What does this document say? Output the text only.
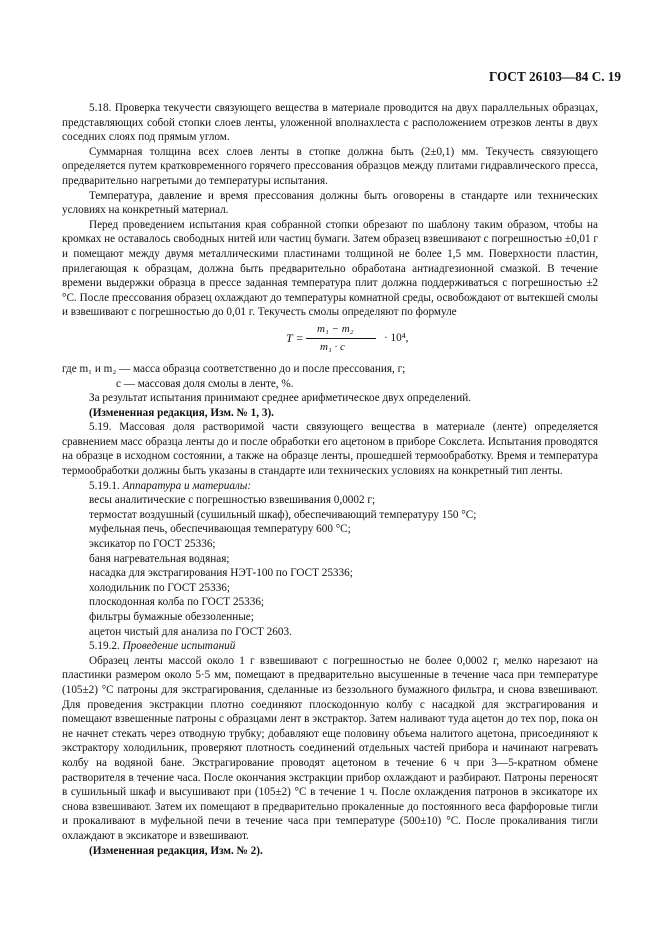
ГОСТ 26103—84 С. 19

5.18. Проверка текучести связующего вещества в материале проводится на двух параллельных образцах, представляющих собой стопки слоев ленты, уложенной вполнахлеста с расположением отрезков ленты в двух соседних слоях под прямым углом.

Суммарная толщина всех слоев ленты в стопке должна быть (2±0,1) мм. Текучесть связующего определяется путем кратковременного горячего прессования образцов между плитами гидравлического пресса, предварительно нагретыми до температуры испытания.

Температура, давление и время прессования должны быть оговорены в стандарте или технических условиях на конкретный материал.

Перед проведением испытания края собранной стопки обрезают по шаблону таким образом, чтобы на кромках не оставалось свободных нитей или частиц бумаги. Затем образец взвешивают с погрешностью ±0,01 г и помещают между двумя металлическими пластинами толщиной не более 1,5 мм. Поверхности пластин, прилегающая к образцам, должна быть предварительно обработана антиадгезионной смазкой. В течение времени выдержки образца в прессе заданная температура плит должна поддерживаться с погрешностью ±2 °С. После прессования образец охлаждают до температуры комнатной среды, освобождают от вытекшей смолы и взвешивают с погрешностью до 0,01 г. Текучесть смолы определяют по формуле

T =
m₁ − m₂
m₁ · c
· 10⁴,

где m₁ и m₂ — масса образца соответственно до и после прессования, г;

c — массовая доля смолы в ленте, %.

За результат испытания принимают среднее арифметическое двух определений.

(Измененная редакция, Изм. № 1, 3).

5.19. Массовая доля растворимой части связующего вещества в материале (ленте) определяется сравнением масс образца ленты до и после обработки его ацетоном в приборе Сокслета. Испытания проводятся на образце в исходном состоянии, а также на образце ленты, прошедшей термообработку. Время и температура термообработки должны быть указаны в стандарте или технических условиях на конкретный тип ленты.

5.19.1. Аппаратура и материалы:

весы аналитические с погрешностью взвешивания 0,0002 г;

термостат воздушный (сушильный шкаф), обеспечивающий температуру 150 °С;

муфельная печь, обеспечивающая температуру 600 °С;

эксикатор по ГОСТ 25336;

баня нагревательная водяная;

насадка для экстрагирования НЭТ-100 по ГОСТ 25336;

холодильник по ГОСТ 25336;

плоскодонная колба по ГОСТ 25336;

фильтры бумажные обеззоленные;

ацетон чистый для анализа по ГОСТ 2603.

5.19.2. Проведение испытаний

Образец ленты массой около 1 г взвешивают с погрешностью не более 0,0002 г, мелко нарезают на пластинки размером около 5·5 мм, помещают в предварительно высушенные в течение часа при температуре (105±2) °С патроны для экстрагирования, сделанные из беззольного бумажного фильтра, и снова взвешивают. Для проведения экстракции плотно соединяют плоскодонную колбу с насадкой для экстрагирования и помещают взвешенные патроны с образцами лент в экстрактор. Затем наливают туда ацетон до тех пор, пока он не начнет стекать через отводную трубку; добавляют еще половину объема налитого ацетона, присоединяют к экстрактору холодильник, проверяют плотность соединений отдельных частей прибора и начинают нагревать колбу на водяной бане. Экстрагирование проводят ацетоном в течение 6 ч при 3—5-кратном обмене растворителя в течение часа. После окончания экстракции прибор охлаждают и разбирают. Патроны переносят в сушильный шкаф и высушивают при (105±2) °С в течение 1 ч. После охлаждения патронов в эксикаторе их снова взвешивают. Затем их помещают в предварительно прокаленные до постоянного веса фарфоровые тигли и прокаливают в муфельной печи в течение часа при температуре (500±10) °С. После прокаливания тигли охлаждают в эксикаторе и взвешивают.

(Измененная редакция, Изм. № 2).
